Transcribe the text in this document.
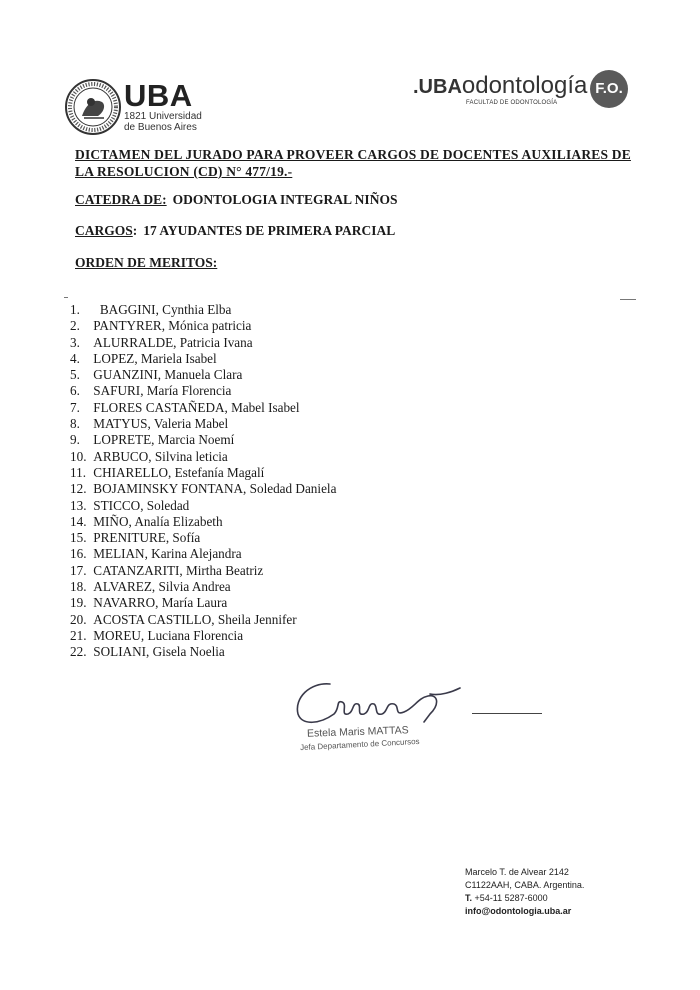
UBA
1821 Universidad
de Buenos Aires
.UBAodontología
FACULTAD DE ODONTOLOGÍA
F.O.
DICTAMEN DEL JURADO PARA PROVEER CARGOS DE DOCENTES AUXILIARES DE LA RESOLUCION (CD) N° 477/19.-
CATEDRA DE: ODONTOLOGIA INTEGRAL NIÑOS
CARGOS: 17 AYUDANTES DE PRIMERA PARCIAL
ORDEN DE MERITOS:
1. BAGGINI, Cynthia Elba
2. PANTYRER, Mónica patricia
3. ALURRALDE, Patricia Ivana
4. LOPEZ, Mariela Isabel
5. GUANZINI, Manuela Clara
6. SAFURI, María Florencia
7. FLORES CASTAÑEDA, Mabel Isabel
8. MATYUS, Valeria Mabel
9. LOPRETE, Marcia Noemí
10. ARBUCO, Silvina leticia
11. CHIARELLO, Estefanía Magalí
12. BOJAMINSKY FONTANA, Soledad Daniela
13. STICCO, Soledad
14. MIÑO, Analía Elizabeth
15. PRENITURE, Sofía
16. MELIAN, Karina Alejandra
17. CATANZARITI, Mirtha Beatriz
18. ALVAREZ, Silvia Andrea
19. NAVARRO, María Laura
20. ACOSTA CASTILLO, Sheila Jennifer
21. MOREU, Luciana Florencia
22. SOLIANI, Gisela Noelia
Estela Maris MATTAS
Jefa Departamento de Concursos
Marcelo T. de Alvear 2142
C1122AAH, CABA. Argentina.
T. +54-11 5287-6000
info@odontologia.uba.ar
